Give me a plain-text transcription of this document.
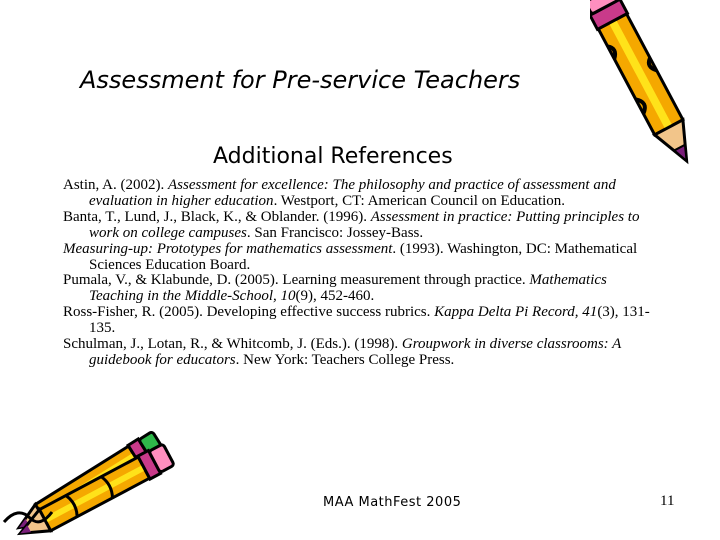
Assessment for Pre-service Teachers
Additional References

Astin, A. (2002). Assessment for excellence: The philosophy and practice of assessment and evaluation in higher education. Westport, CT: American Council on Education.

Banta, T., Lund, J., Black, K., & Oblander. (1996). Assessment in practice: Putting principles to work on college campuses. San Francisco: Jossey-Bass.

Measuring-up: Prototypes for mathematics assessment. (1993). Washington, DC: Mathematical Sciences Education Board.

Pumala, V., & Klabunde, D. (2005). Learning measurement through practice. Mathematics Teaching in the Middle-School, 10(9), 452-460.

Ross-Fisher, R. (2005). Developing effective success rubrics. Kappa Delta Pi Record, 41(3), 131-135.

Schulman, J., Lotan, R., & Whitcomb, J. (Eds.). (1998). Groupwork in diverse classrooms: A guidebook for educators. New York: Teachers College Press.

MAA MathFest 2005	11
